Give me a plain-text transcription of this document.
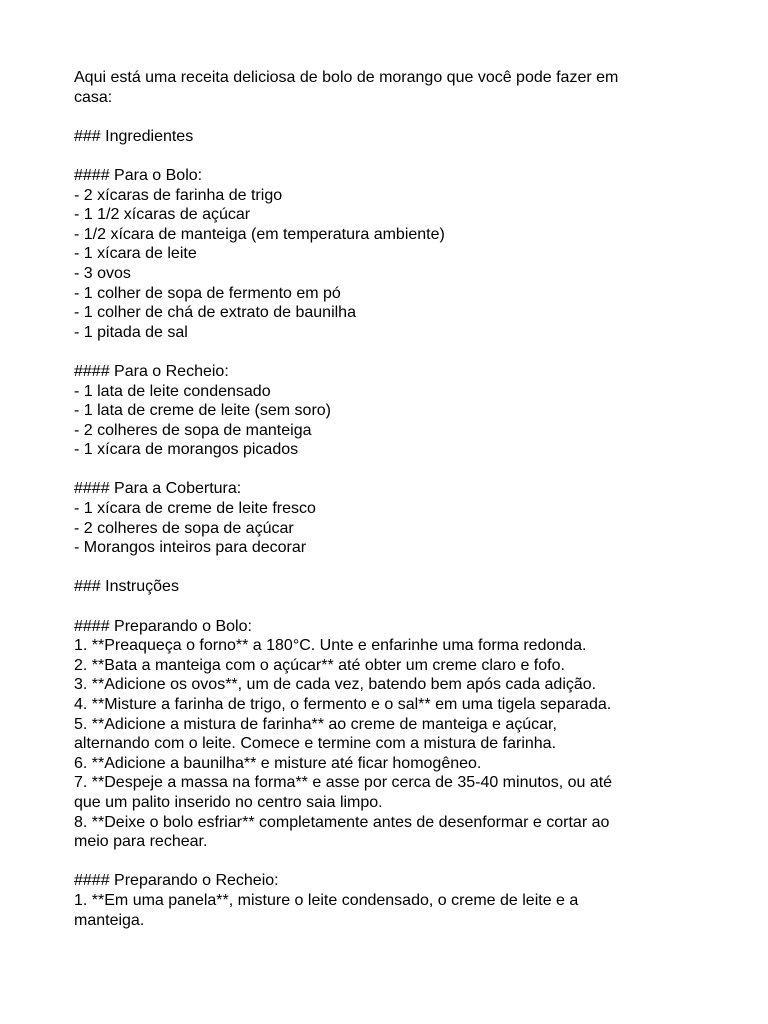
Aqui está uma receita deliciosa de bolo de morango que você pode fazer em
casa:
### Ingredientes
#### Para o Bolo:
- 2 xícaras de farinha de trigo
- 1 1/2 xícaras de açúcar
- 1/2 xícara de manteiga (em temperatura ambiente)
- 1 xícara de leite
- 3 ovos
- 1 colher de sopa de fermento em pó
- 1 colher de chá de extrato de baunilha
- 1 pitada de sal
#### Para o Recheio:
- 1 lata de leite condensado
- 1 lata de creme de leite (sem soro)
- 2 colheres de sopa de manteiga
- 1 xícara de morangos picados
#### Para a Cobertura:
- 1 xícara de creme de leite fresco
- 2 colheres de sopa de açúcar
- Morangos inteiros para decorar
### Instruções
#### Preparando o Bolo:
1. **Preaqueça o forno** a 180°C. Unte e enfarinhe uma forma redonda.
2. **Bata a manteiga com o açúcar** até obter um creme claro e fofo.
3. **Adicione os ovos**, um de cada vez, batendo bem após cada adição.
4. **Misture a farinha de trigo, o fermento e o sal** em uma tigela separada.
5. **Adicione a mistura de farinha** ao creme de manteiga e açúcar,
alternando com o leite. Comece e termine com a mistura de farinha.
6. **Adicione a baunilha** e misture até ficar homogêneo.
7. **Despeje a massa na forma** e asse por cerca de 35-40 minutos, ou até
que um palito inserido no centro saia limpo.
8. **Deixe o bolo esfriar** completamente antes de desenformar e cortar ao
meio para rechear.
#### Preparando o Recheio:
1. **Em uma panela**, misture o leite condensado, o creme de leite e a
manteiga.
